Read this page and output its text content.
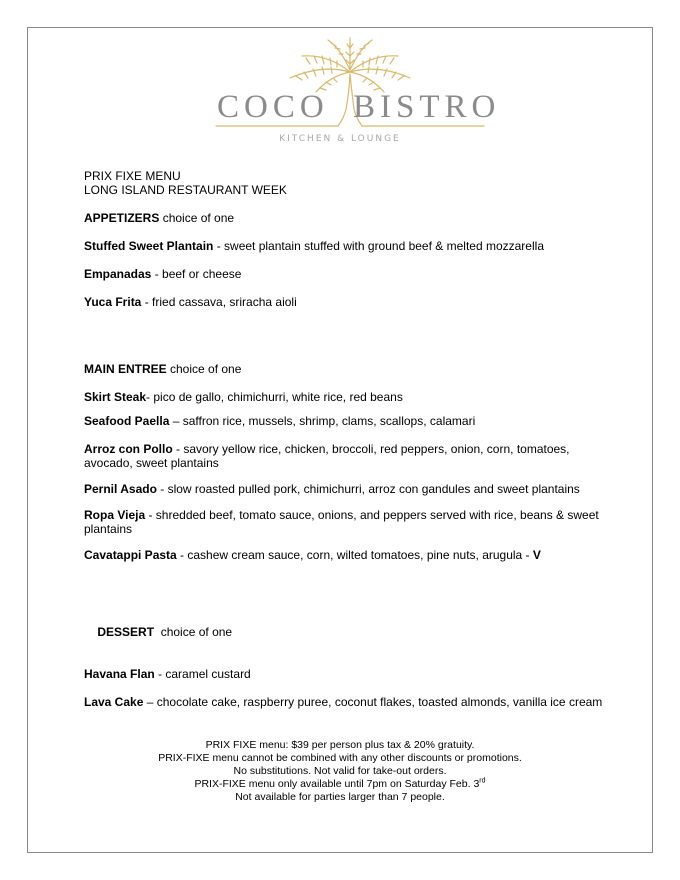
COCO BISTRO
KITCHEN & LOUNGE
PRIX FIXE MENU
LONG ISLAND RESTAURANT WEEK

APPETIZERS choice of one

Stuffed Sweet Plantain - sweet plantain stuffed with ground beef & melted mozzarella

Empanadas - beef or cheese

Yuca Frita - fried cassava, sriracha aioli

MAIN ENTREE choice of one

Skirt Steak- pico de gallo, chimichurri, white rice, red beans

Seafood Paella – saffron rice, mussels, shrimp, clams, scallops, calamari

Arroz con Pollo - savory yellow rice, chicken, broccoli, red peppers, onion, corn, tomatoes, avocado, sweet plantains

Pernil Asado - slow roasted pulled pork, chimichurri, arroz con gandules and sweet plantains

Ropa Vieja - shredded beef, tomato sauce, onions, and peppers served with rice, beans & sweet plantains

Cavatappi Pasta - cashew cream sauce, corn, wilted tomatoes, pine nuts, arugula - V

DESSERT  choice of one

Havana Flan - caramel custard

Lava Cake – chocolate cake, raspberry puree, coconut flakes, toasted almonds, vanilla ice cream

PRIX FIXE menu: $39 per person plus tax & 20% gratuity.
PRIX-FIXE menu cannot be combined with any other discounts or promotions.
No substitutions. Not valid for take-out orders.
PRIX-FIXE menu only available until 7pm on Saturday Feb. 3rd
Not available for parties larger than 7 people.
